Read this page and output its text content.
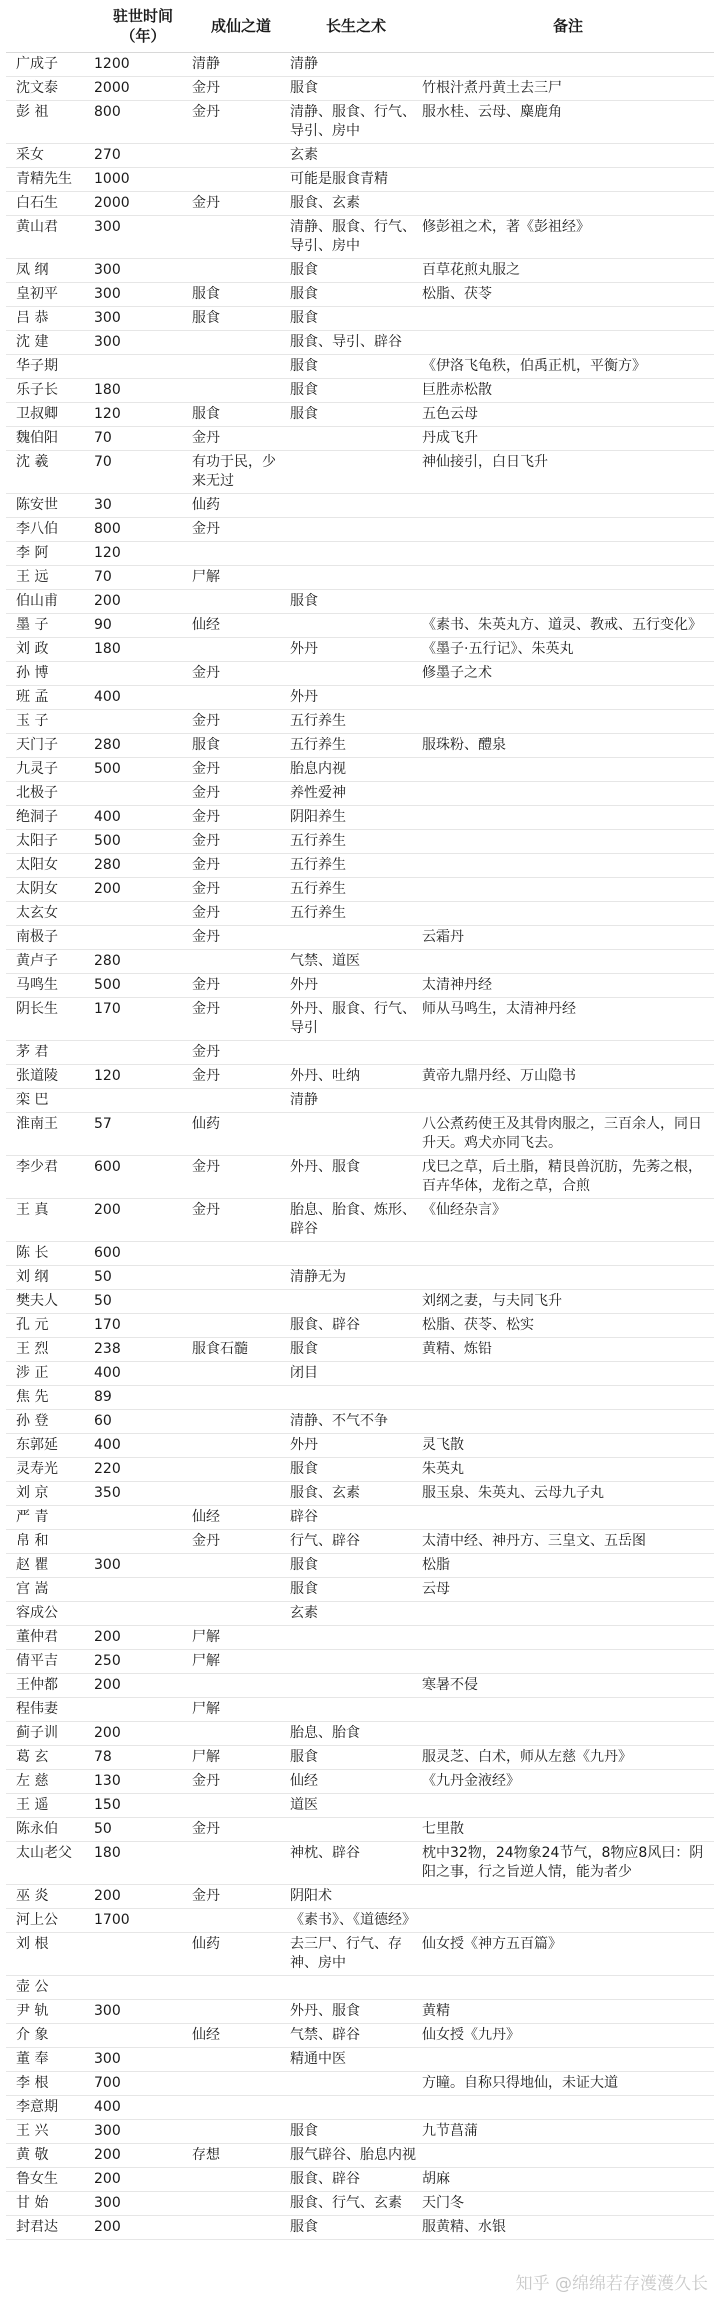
	驻世时间（年）	成仙之道	长生之术	备注
广成子	1200	清静	清静	
沈文泰	2000	金丹	服食	竹根汁煮丹黄土去三尸
彭 祖	800	金丹	清静、服食、行气、导引、房中	服水桂、云母、麋鹿角
采女	270		玄素	
青精先生	1000		可能是服食青精	
白石生	2000	金丹	服食、玄素	
黄山君	300		清静、服食、行气、导引、房中	修彭祖之术，著《彭祖经》
凤 纲	300		服食	百草花煎丸服之
皇初平	300	服食	服食	松脂、茯苓
吕 恭	300	服食	服食	
沈 建	300		服食、导引、辟谷	
华子期			服食	《伊洛飞龟秩，伯禹正机，平衡方》
乐子长	180		服食	巨胜赤松散
卫叔卿	120	服食	服食	五色云母
魏伯阳	70	金丹		丹成飞升
沈 羲	70	有功于民，少来无过		神仙接引，白日飞升
陈安世	30	仙药		
李八伯	800	金丹		
李 阿	120			
王 远	70	尸解		
伯山甫	200		服食	
墨 子	90	仙经		《素书、朱英丸方、道灵、教戒、五行变化》
刘 政	180		外丹	《墨子·五行记》、朱英丸
孙 博		金丹		修墨子之术
班 孟	400		外丹	
玉 子		金丹	五行养生	
天门子	280	服食	五行养生	服珠粉、醴泉
九灵子	500	金丹	胎息内视	
北极子		金丹	养性爱神	
绝洞子	400	金丹	阴阳养生	
太阳子	500	金丹	五行养生	
太阳女	280	金丹	五行养生	
太阴女	200	金丹	五行养生	
太玄女		金丹	五行养生	
南极子		金丹		云霜丹
黄卢子	280		气禁、道医	
马鸣生	500	金丹	外丹	太清神丹经
阴长生	170	金丹	外丹、服食、行气、导引	师从马鸣生，太清神丹经
茅 君		金丹		
张道陵	120	金丹	外丹、吐纳	黄帝九鼎丹经、万山隐书
栾 巴			清静	
淮南王	57	仙药		八公煮药使王及其骨肉服之，三百余人，同日升天。鸡犬亦同飞去。
李少君	600	金丹	外丹、服食	戊巳之草，后土脂，精艮兽沉肪，先莠之根，百卉华体，龙衔之草，合煎
王 真	200	金丹	胎息、胎食、炼形、辟谷	《仙经杂言》
陈 长	600			
刘 纲	50		清静无为	
樊夫人	50			刘纲之妻，与夫同飞升
孔 元	170		服食、辟谷	松脂、茯苓、松实
王 烈	238	服食石髓	服食	黄精、炼铅
涉 正	400		闭目	
焦 先	89			
孙 登	60		清静、不气不争	
东郭延	400		外丹	灵飞散
灵寿光	220		服食	朱英丸
刘 京	350		服食、玄素	服玉泉、朱英丸、云母九子丸
严 青		仙经	辟谷	
帛 和		金丹	行气、辟谷	太清中经、神丹方、三皇文、五岳图
赵 瞿	300		服食	松脂
宫 嵩			服食	云母
容成公			玄素	
董仲君	200	尸解		
倩平吉	250	尸解		
王仲都	200			寒暑不侵
程伟妻		尸解		
蓟子训	200		胎息、胎食	
葛 玄	78	尸解	服食	服灵芝、白术，师从左慈《九丹》
左 慈	130	金丹	仙经	《九丹金液经》
王 遥	150		道医	
陈永伯	50	金丹		七里散
太山老父	180		神枕、辟谷	枕中32物，24物象24节气，8物应8风曰：阴阳之事，行之旨逆人情，能为者少
巫 炎	200	金丹	阴阳术	
河上公	1700		《素书》、《道德经》	
刘 根		仙药	去三尸、行气、存神、房中	仙女授《神方五百篇》
壶 公				
尹 轨	300		外丹、服食	黄精
介 象		仙经	气禁、辟谷	仙女授《九丹》
董 奉	300		精通中医	
李 根	700			方瞳。自称只得地仙，未证大道
李意期	400			
王 兴	300		服食	九节菖蒲
黄 敬	200	存想	服气辟谷、胎息内视	
鲁女生	200		服食、辟谷	胡麻
甘 始	300		服食、行气、玄素	天门冬
封君达	200		服食	服黄精、水银
知乎 @绵绵若存濩濩久长
